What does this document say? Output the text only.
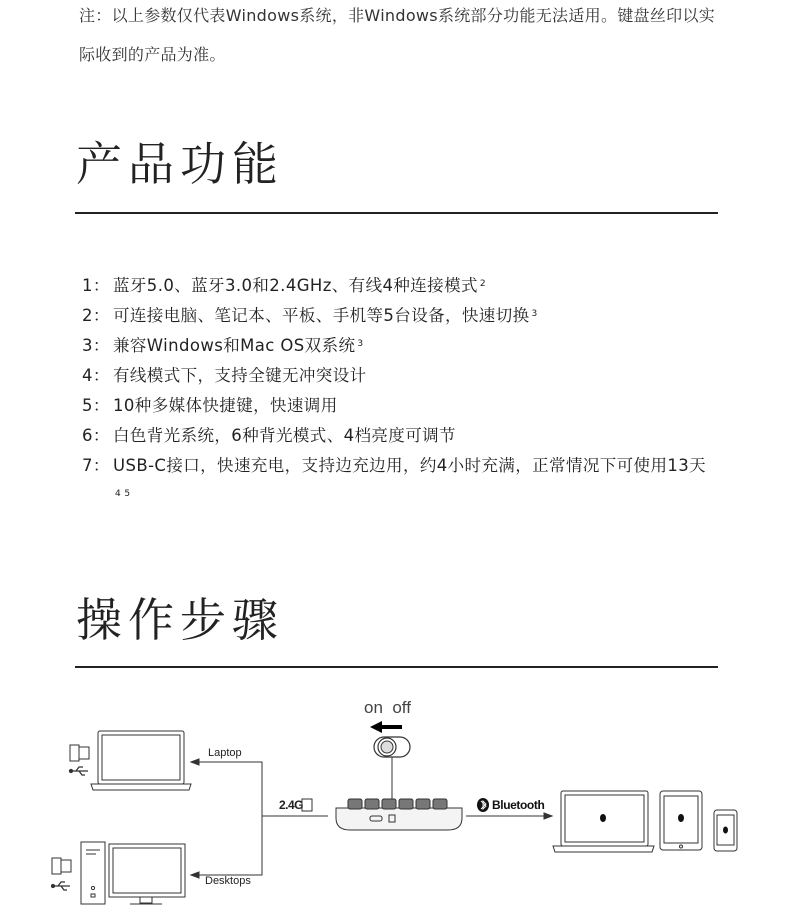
注：以上参数仅代表Windows系统，非Windows系统部分功能无法适用。键盘丝印以实际收到的产品为准。
产品功能
1： 蓝牙5.0、蓝牙3.0和2.4GHz、有线4种连接模式 $^2$
2： 可连接电脑、笔记本、平板、手机等5台设备，快速切换 $^3$
3： 兼容Windows和Mac OS双系统 $^3$
4： 有线模式下，支持全键无冲突设计
5： 10种多媒体快捷键，快速调用
6： 白色背光系统，6种背光模式、4档亮度可调节
7： USB-C接口，快速充电，支持边充边用，约4小时充满，正常情况下可使用13天$^{4 5}$
操作步骤
on  off
Laptop
Desktops
2.4G	Bluetooth
